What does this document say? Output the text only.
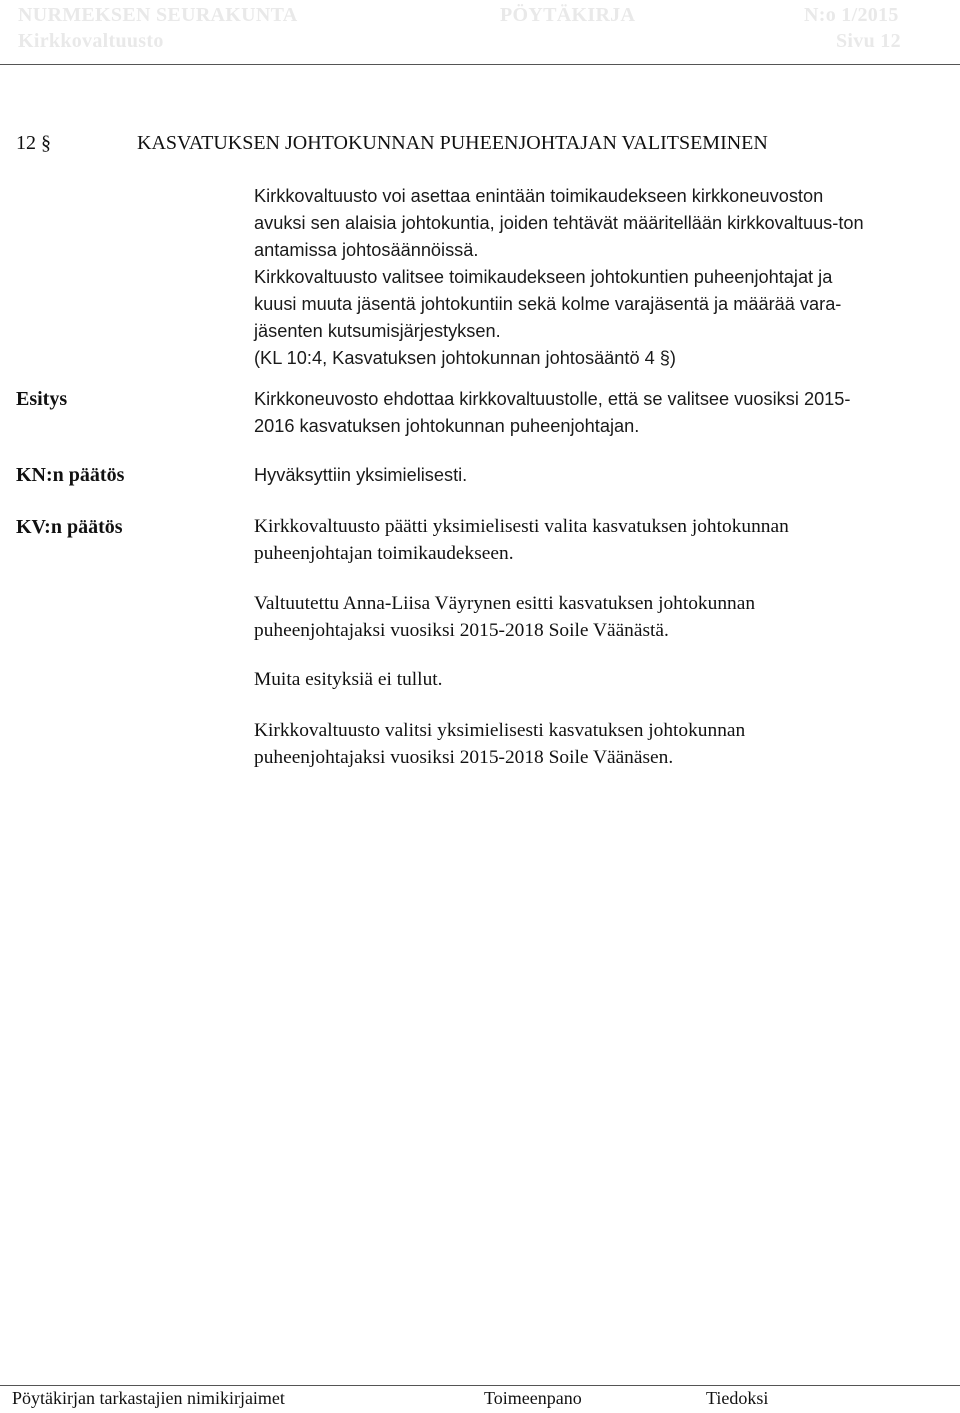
NURMEKSEN SEURAKUNTA	PÖYTÄKIRJA	N:o 1/2015
Kirkkovaltuusto	Sivu 12
12 §	KASVATUKSEN JOHTOKUNNAN PUHEENJOHTAJAN VALITSEMINEN
Kirkkovaltuusto voi asettaa enintään toimikaudekseen kirkkoneuvoston
avuksi sen alaisia johtokuntia, joiden tehtävät määritellään kirkkovaltuus-ton
antamissa johtosäännöissä.
Kirkkovaltuusto valitsee toimikaudekseen johtokuntien puheenjohtajat ja
kuusi muuta jäsentä johtokuntiin sekä kolme varajäsentä ja määrää vara-
jäsenten kutsumisjärjestyksen.
(KL 10:4, Kasvatuksen johtokunnan johtosääntö 4 §)
Esitys	Kirkkoneuvosto ehdottaa kirkkovaltuustolle, että se valitsee vuosiksi 2015-
2016 kasvatuksen johtokunnan puheenjohtajan.
KN:n päätös	Hyväksyttiin yksimielisesti.
KV:n päätös	Kirkkovaltuusto päätti yksimielisesti valita kasvatuksen johtokunnan
puheenjohtajan toimikaudekseen.
Valtuutettu Anna-Liisa Väyrynen esitti kasvatuksen johtokunnan
puheenjohtajaksi vuosiksi 2015-2018 Soile Väänästä.
Muita esityksiä ei tullut.
Kirkkovaltuusto valitsi yksimielisesti kasvatuksen johtokunnan
puheenjohtajaksi vuosiksi 2015-2018 Soile Väänäsen.
Pöytäkirjan tarkastajien nimikirjaimet	Toimeenpano	Tiedoksi
